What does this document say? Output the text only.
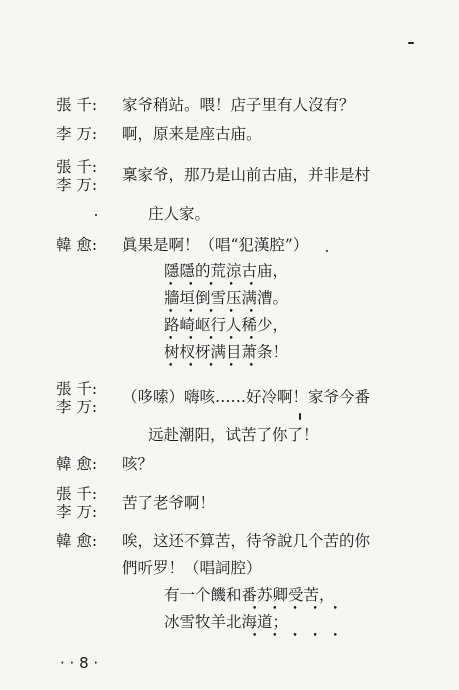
張 千: 家爷稍站。喂！店子里有人沒有？
李 万: 啊，原来是座古庙。
張 千:
李 万:
稟家爷，那乃是山前古庙，并非是村
庄人家。
韓 愈: 眞果是啊！（唱“犯漢腔”）
隱隱的荒涼古庙，
• • • • •
牆垣倒雪压满漕。
• • • • •
路崎岖行人稀少，
• • • • •
树杈枒满目萧条！
• • • • •
張 千:
李 万:
（哆嗦）嗨咳……好冷啊！家爷今番
远赴潮阳，试苦了你了！
韓 愈: 咳？
張 千:
李 万: 苦了老爷啊！
韓 愈: 唉，这还不算苦，待爷說几个苦的你
們听罗！（唱詞腔）
有一个饑和番苏卿受苦，
• • • • •
冰雪牧羊北海道；
• • • • •
· · 8 ·
